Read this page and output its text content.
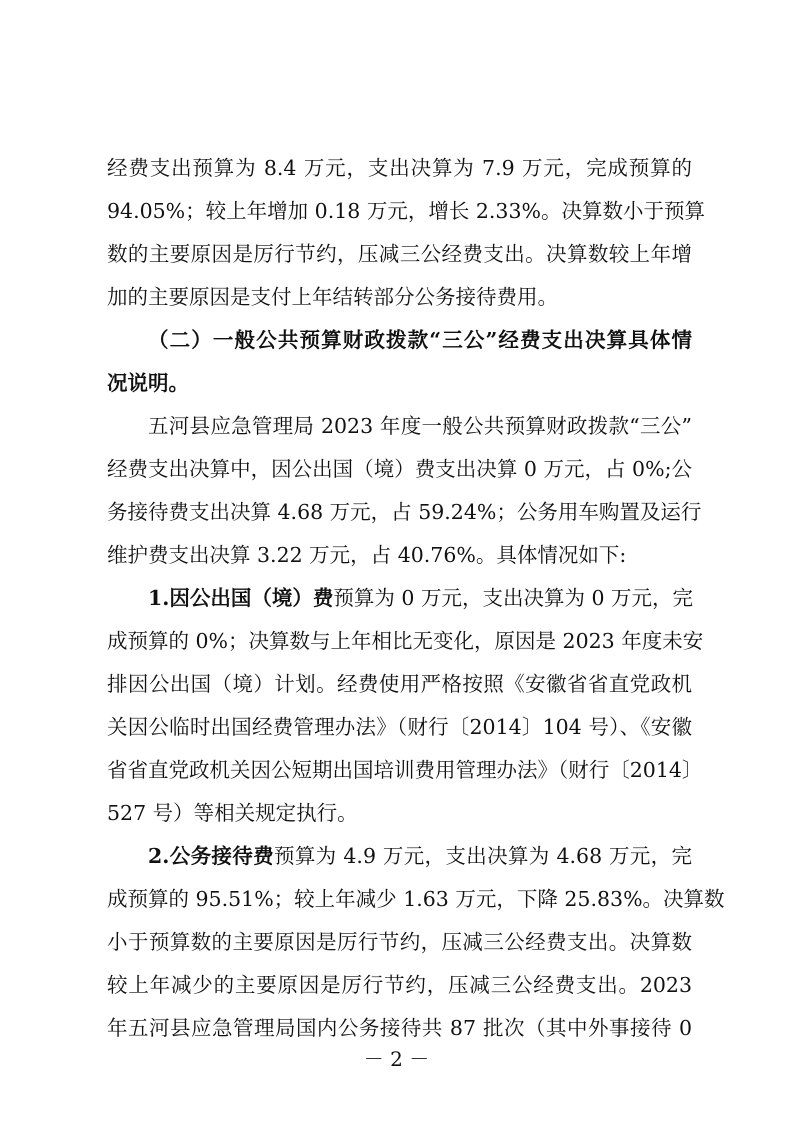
经费支出预算为 8.4 万元，支出决算为 7.9 万元，完成预算的
94.05%；较上年增加 0.18 万元，增长 2.33%。决算数小于预算
数的主要原因是厉行节约，压减三公经费支出。决算数较上年增
加的主要原因是支付上年结转部分公务接待费用。
（二）一般公共预算财政拨款“三公”经费支出决算具体情
况说明。
五河县应急管理局 2023 年度一般公共预算财政拨款“三公”
经费支出决算中，因公出国（境）费支出决算 0 万元，占 0%;公
务接待费支出决算 4.68 万元，占 59.24%；公务用车购置及运行
维护费支出决算 3.22 万元，占 40.76%。具体情况如下:
1.因公出国（境）费预算为 0 万元，支出决算为 0 万元，完
成预算的 0%；决算数与上年相比无变化，原因是 2023 年度未安
排因公出国（境）计划。经费使用严格按照《安徽省省直党政机
关因公临时出国经费管理办法》（财行〔2014〕104 号）、《安徽
省省直党政机关因公短期出国培训费用管理办法》（财行〔2014〕
527 号）等相关规定执行。
2.公务接待费预算为 4.9 万元，支出决算为 4.68 万元，完
成预算的 95.51%；较上年减少 1.63 万元，下降 25.83%。决算数
小于预算数的主要原因是厉行节约，压减三公经费支出。决算数
较上年减少的主要原因是厉行节约，压减三公经费支出。2023
年五河县应急管理局国内公务接待共 87 批次（其中外事接待 0
－ 2 －
